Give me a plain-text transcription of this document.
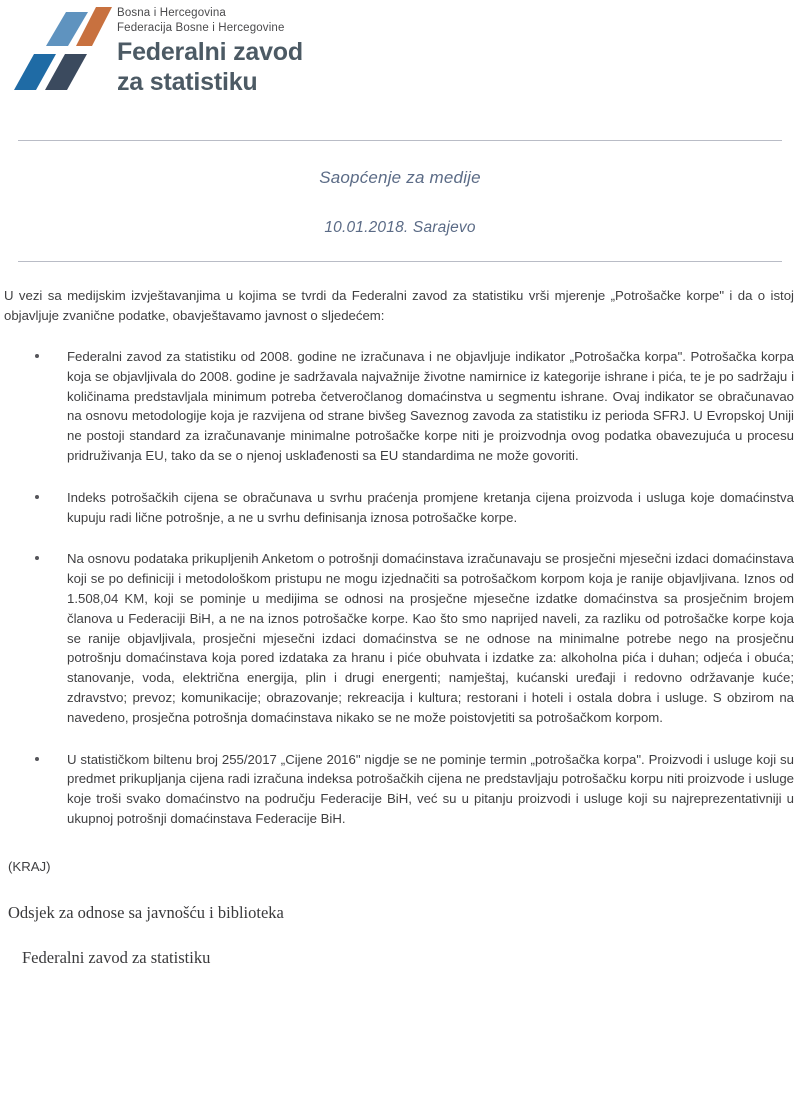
Bosna i Hercegovina
Federacija Bosne i Hercegovine
Federalni zavod
za statistiku
Saopćenje za medije
10.01.2018. Sarajevo

U vezi sa medijskim izvještavanjima u kojima se tvrdi da Federalni zavod za statistiku vrši mjerenje „Potrošačke korpe" i da o istoj objavljuje zvanične podatke, obavještavamo javnost o sljedećem:

Federalni zavod za statistiku od 2008. godine ne izračunava i ne objavljuje indikator „Potrošačka korpa". Potrošačka korpa koja se objavljivala do 2008. godine je sadržavala najvažnije životne namirnice iz kategorije ishrane i pića, te je po sadržaju i količinama predstavljala minimum potreba četveročlanog domaćinstva u segmentu ishrane. Ovaj indikator se obračunavao na osnovu metodologije koja je razvijena od strane bivšeg Saveznog zavoda za statistiku iz perioda SFRJ. U Evropskoj Uniji ne postoji standard za izračunavanje minimalne potrošačke korpe niti je proizvodnja ovog podatka obavezujuća u procesu pridruživanja EU, tako da se o njenoj usklađenosti sa EU standardima ne može govoriti.
Indeks potrošačkih cijena se obračunava u svrhu praćenja promjene kretanja cijena proizvoda i usluga koje domaćinstva kupuju radi lične potrošnje, a ne u svrhu definisanja iznosa potrošačke korpe.
Na osnovu podataka prikupljenih Anketom o potrošnji domaćinstava izračunavaju se prosječni mjesečni izdaci domaćinstava koji se po definiciji i metodološkom pristupu ne mogu izjednačiti sa potrošačkom korpom koja je ranije objavljivana. Iznos od 1.508,04 KM, koji se pominje u medijima se odnosi na prosječne mjesečne izdatke domaćinstva sa prosječnim brojem članova u Federaciji BiH, a ne na iznos potrošačke korpe. Kao što smo naprijed naveli, za razliku od potrošačke korpe koja se ranije objavljivala, prosječni mjesečni izdaci domaćinstva se ne odnose na minimalne potrebe nego na prosječnu potrošnju domaćinstava koja pored izdataka za hranu i piće obuhvata i izdatke za: alkoholna pića i duhan; odjeća i obuća; stanovanje, voda, električna energija, plin i drugi energenti; namještaj, kućanski uređaji i redovno održavanje kuće; zdravstvo; prevoz; komunikacije; obrazovanje; rekreacija i kultura; restorani i hoteli i ostala dobra i usluge. S obzirom na navedeno, prosječna potrošnja domaćinstava nikako se ne može poistovjetiti sa potrošačkom korpom.
U statističkom biltenu broj 255/2017 „Cijene 2016" nigdje se ne pominje termin „potrošačka korpa". Proizvodi i usluge koji su predmet prikupljanja cijena radi izračuna indeksa potrošačkih cijena ne predstavljaju potrošačku korpu niti proizvode i usluge koje troši svako domaćinstvo na području Federacije BiH, već su u pitanju proizvodi i usluge koji su najreprezentativniji u ukupnoj potrošnji domaćinstava Federacije BiH.
(KRAJ)
Odsjek za odnose sa javnošću i biblioteka
Federalni zavod za statistiku
